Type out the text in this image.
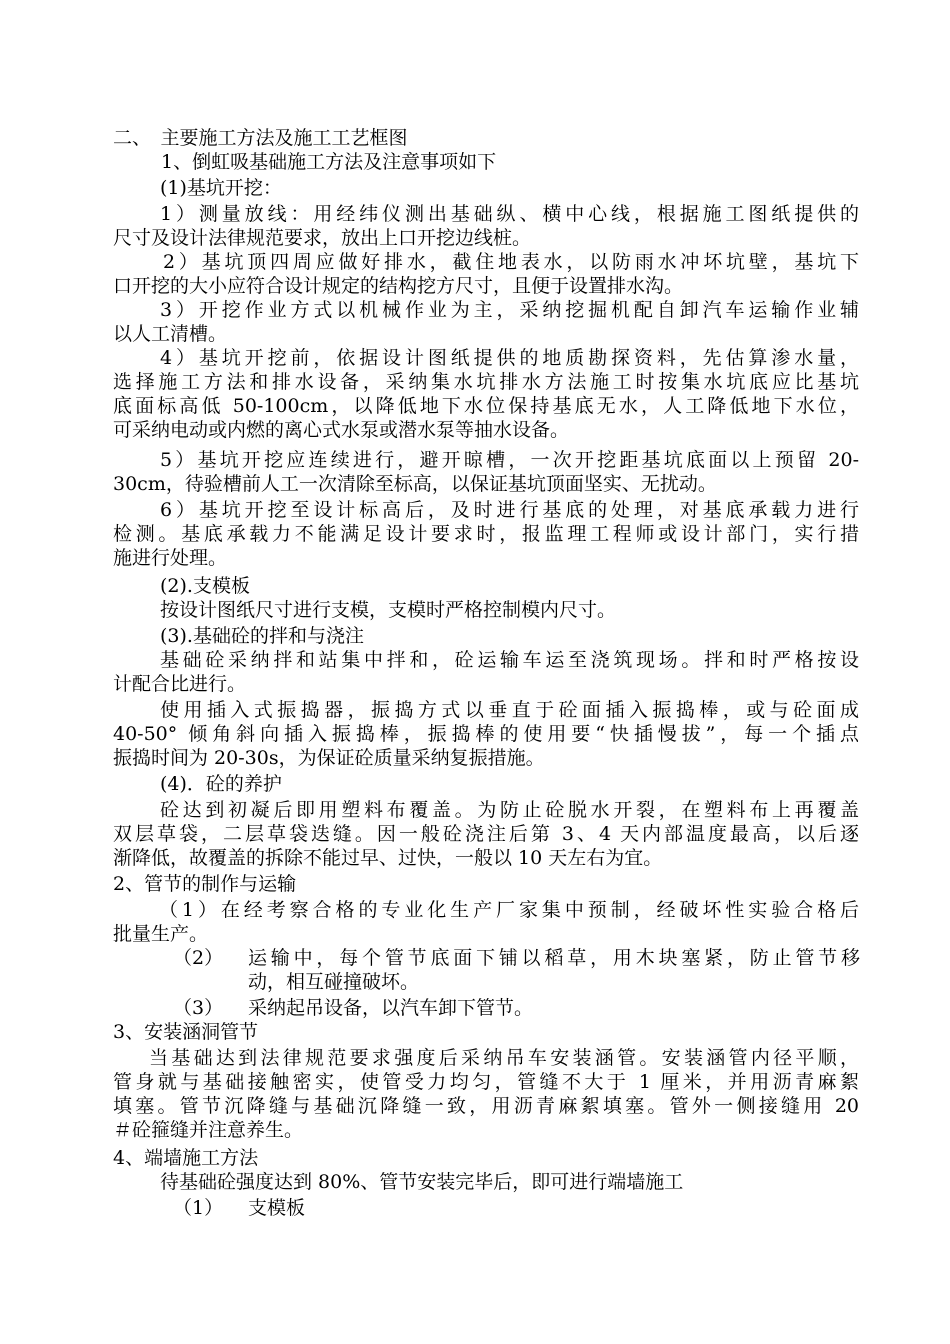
二、　主要施工方法及施工工艺框图
1、倒虹吸基础施工方法及注意事项如下
(1)基坑开挖：
1）测量放线：用经纬仪测出基础纵、横中心线，根据施工图纸提供的
尺寸及设计法律规范要求，放出上口开挖边线桩。
2）基坑顶四周应做好排水，截住地表水，以防雨水冲坏坑壁，基坑下
口开挖的大小应符合设计规定的结构挖方尺寸，且便于设置排水沟。
3）开挖作业方式以机械作业为主，采纳挖掘机配自卸汽车运输作业辅
以人工清槽。
4）基坑开挖前，依据设计图纸提供的地质勘探资料，先估算渗水量，
选择施工方法和排水设备，采纳集水坑排水方法施工时按集水坑底应比基坑
底面标高低 50-100cm，以降低地下水位保持基底无水，人工降低地下水位，
可采纳电动或内燃的离心式水泵或潜水泵等抽水设备。
5）基坑开挖应连续进行，避开晾槽，一次开挖距基坑底面以上预留 20-
30cm，待验槽前人工一次清除至标高，以保证基坑顶面坚实、无扰动。
6）基坑开挖至设计标高后，及时进行基底的处理，对基底承载力进行
检测。基底承载力不能满足设计要求时，报监理工程师或设计部门，实行措
施进行处理。
(2).支模板
按设计图纸尺寸进行支模，支模时严格控制模内尺寸。
(3).基础砼的拌和与浇注
基础砼采纳拌和站集中拌和，砼运输车运至浇筑现场。拌和时严格按设
计配合比进行。
使用插入式振捣器，振捣方式以垂直于砼面插入振捣棒，或与砼面成
40-50° 倾角斜向插入振捣棒，振捣棒的使用要“快插慢拔”，每一个插点
振捣时间为 20-30s，为保证砼质量采纳复振措施。
(4)．砼的养护
砼达到初凝后即用塑料布覆盖。为防止砼脱水开裂，在塑料布上再覆盖
双层草袋，二层草袋迭缝。因一般砼浇注后第 3、4 天内部温度最高，以后逐
渐降低，故覆盖的拆除不能过早、过快，一般以 10 天左右为宜。
2、管节的制作与运输
（1）在经考察合格的专业化生产厂家集中预制，经破坏性实验合格后
批量生产。
（2） 运输中，每个管节底面下铺以稻草，用木块塞紧，防止管节移
动，相互碰撞破坏。
（3） 采纳起吊设备，以汽车卸下管节。
3、安装涵洞管节
当基础达到法律规范要求强度后采纳吊车安装涵管。安装涵管内径平顺，
管身就与基础接触密实，使管受力均匀，管缝不大于 1 厘米，并用沥青麻絮
填塞。管节沉降缝与基础沉降缝一致，用沥青麻絮填塞。管外一侧接缝用 20
＃砼箍缝并注意养生。
4、端墙施工方法
待基础砼强度达到 80%、管节安装完毕后，即可进行端墙施工
（1） 支模板
